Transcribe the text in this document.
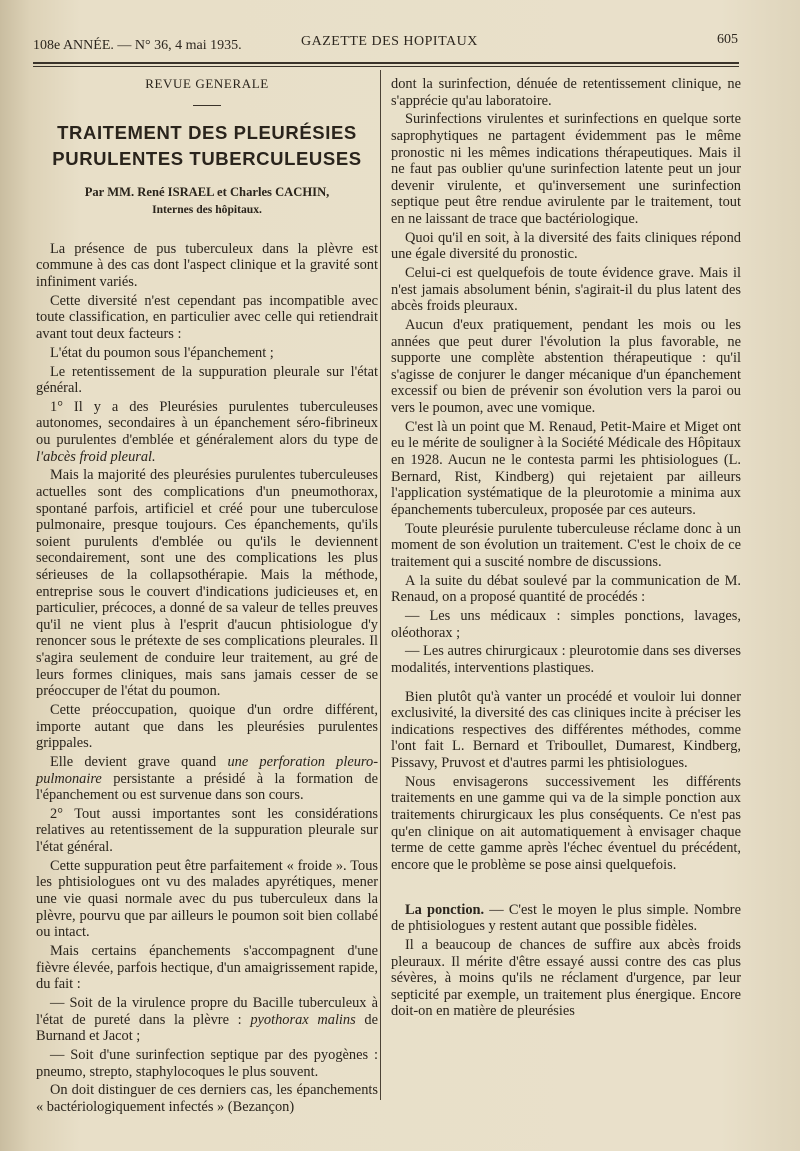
108e ANNÉE. — N° 36, 4 mai 1935.	GAZETTE DES HOPITAUX	605
REVUE GENERALE
TRAITEMENT DES PLEURÉSIES
PURULENTES TUBERCULEUSES
Par MM. René ISRAEL et Charles CACHIN,
Internes des hôpitaux.

La présence de pus tuberculeux dans la plèvre est commune à des cas dont l'aspect clinique et la gravité sont infiniment variés.

Cette diversité n'est cependant pas incompatible avec toute classification, en particulier avec celle qui retiendrait avant tout deux facteurs :

L'état du poumon sous l'épanchement ;

Le retentissement de la suppuration pleurale sur l'état général.

1° Il y a des Pleurésies purulentes tuberculeuses autonomes, secondaires à un épanchement séro-fibrineux ou purulentes d'emblée et généralement alors du type de l'abcès froid pleural.

Mais la majorité des pleurésies purulentes tuberculeuses actuelles sont des complications d'un pneumothorax, spontané parfois, artificiel et créé pour une tuberculose pulmonaire, presque toujours. Ces épanchements, qu'ils soient purulents d'emblée ou qu'ils le deviennent secondairement, sont une des complications les plus sérieuses de la collapsothérapie. Mais la méthode, entreprise sous le couvert d'indications judicieuses et, en particulier, précoces, a donné de sa valeur de telles preuves qu'il ne vient plus à l'esprit d'aucun phtisiologue d'y renoncer sous le prétexte de ses complications pleurales. Il s'agira seulement de conduire leur traitement, au gré de leurs formes cliniques, mais sans jamais cesser de se préoccuper de l'état du poumon.

Cette préoccupation, quoique d'un ordre différent, importe autant que dans les pleurésies purulentes grippales.

Elle devient grave quand une perforation pleuro-pulmonaire persistante a présidé à la formation de l'épanchement ou est survenue dans son cours.

2° Tout aussi importantes sont les considérations relatives au retentissement de la suppuration pleurale sur l'état général.

Cette suppuration peut être parfaitement « froide ». Tous les phtisiologues ont vu des malades apyrétiques, mener une vie quasi normale avec du pus tuberculeux dans la plèvre, pourvu que par ailleurs le poumon soit bien collabé ou intact.

Mais certains épanchements s'accompagnent d'une fièvre élevée, parfois hectique, d'un amaigrissement rapide, du fait :

— Soit de la virulence propre du Bacille tuberculeux à l'état de pureté dans la plèvre : pyothorax malins de Burnand et Jacot ;

— Soit d'une surinfection septique par des pyogènes : pneumo, strepto, staphylocoques le plus souvent.

On doit distinguer de ces derniers cas, les épanchements « bactériologiquement infectés » (Bezançon)

dont la surinfection, dénuée de retentissement clinique, ne s'apprécie qu'au laboratoire.

Surinfections virulentes et surinfections en quelque sorte saprophytiques ne partagent évidemment pas le même pronostic ni les mêmes indications thérapeutiques. Mais il ne faut pas oublier qu'une surinfection latente peut un jour devenir virulente, et qu'inversement une surinfection septique peut être rendue avirulente par le traitement, tout en ne laissant de trace que bactériologique.

Quoi qu'il en soit, à la diversité des faits cliniques répond une égale diversité du pronostic.

Celui-ci est quelquefois de toute évidence grave. Mais il n'est jamais absolument bénin, s'agirait-il du plus latent des abcès froids pleuraux.

Aucun d'eux pratiquement, pendant les mois ou les années que peut durer l'évolution la plus favorable, ne supporte une complète abstention thérapeutique : qu'il s'agisse de conjurer le danger mécanique d'un épanchement excessif ou bien de prévenir son évolution vers la paroi ou vers le poumon, avec une vomique.

C'est là un point que M. Renaud, Petit-Maire et Miget ont eu le mérite de souligner à la Société Médicale des Hôpitaux en 1928. Aucun ne le contesta parmi les phtisiologues (L. Bernard, Rist, Kindberg) qui rejetaient par ailleurs l'application systématique de la pleurotomie a minima aux épanchements tuberculeux, proposée par ces auteurs.

Toute pleurésie purulente tuberculeuse réclame donc à un moment de son évolution un traitement. C'est le choix de ce traitement qui a suscité nombre de discussions.

A la suite du débat soulevé par la communication de M. Renaud, on a proposé quantité de procédés :

— Les uns médicaux : simples ponctions, lavages, oléothorax ;

— Les autres chirurgicaux : pleurotomie dans ses diverses modalités, interventions plastiques.

Bien plutôt qu'à vanter un procédé et vouloir lui donner exclusivité, la diversité des cas cliniques incite à préciser les indications respectives des différentes méthodes, comme l'ont fait L. Bernard et Triboullet, Dumarest, Kindberg, Pissavy, Pruvost et d'autres parmi les phtisiologues.

Nous envisagerons successivement les différents traitements en une gamme qui va de la simple ponction aux traitements chirurgicaux les plus conséquents. Ce n'est pas qu'en clinique on ait automatiquement à envisager chaque terme de cette gamme après l'échec éventuel du précédent, encore que le problème se pose ainsi quelquefois.

La ponction. — C'est le moyen le plus simple. Nombre de phtisiologues y restent autant que possible fidèles.

Il a beaucoup de chances de suffire aux abcès froids pleuraux. Il mérite d'être essayé aussi contre des cas plus sévères, à moins qu'ils ne réclament d'urgence, par leur septicité par exemple, un traitement plus énergique. Encore doit-on en matière de pleurésies
